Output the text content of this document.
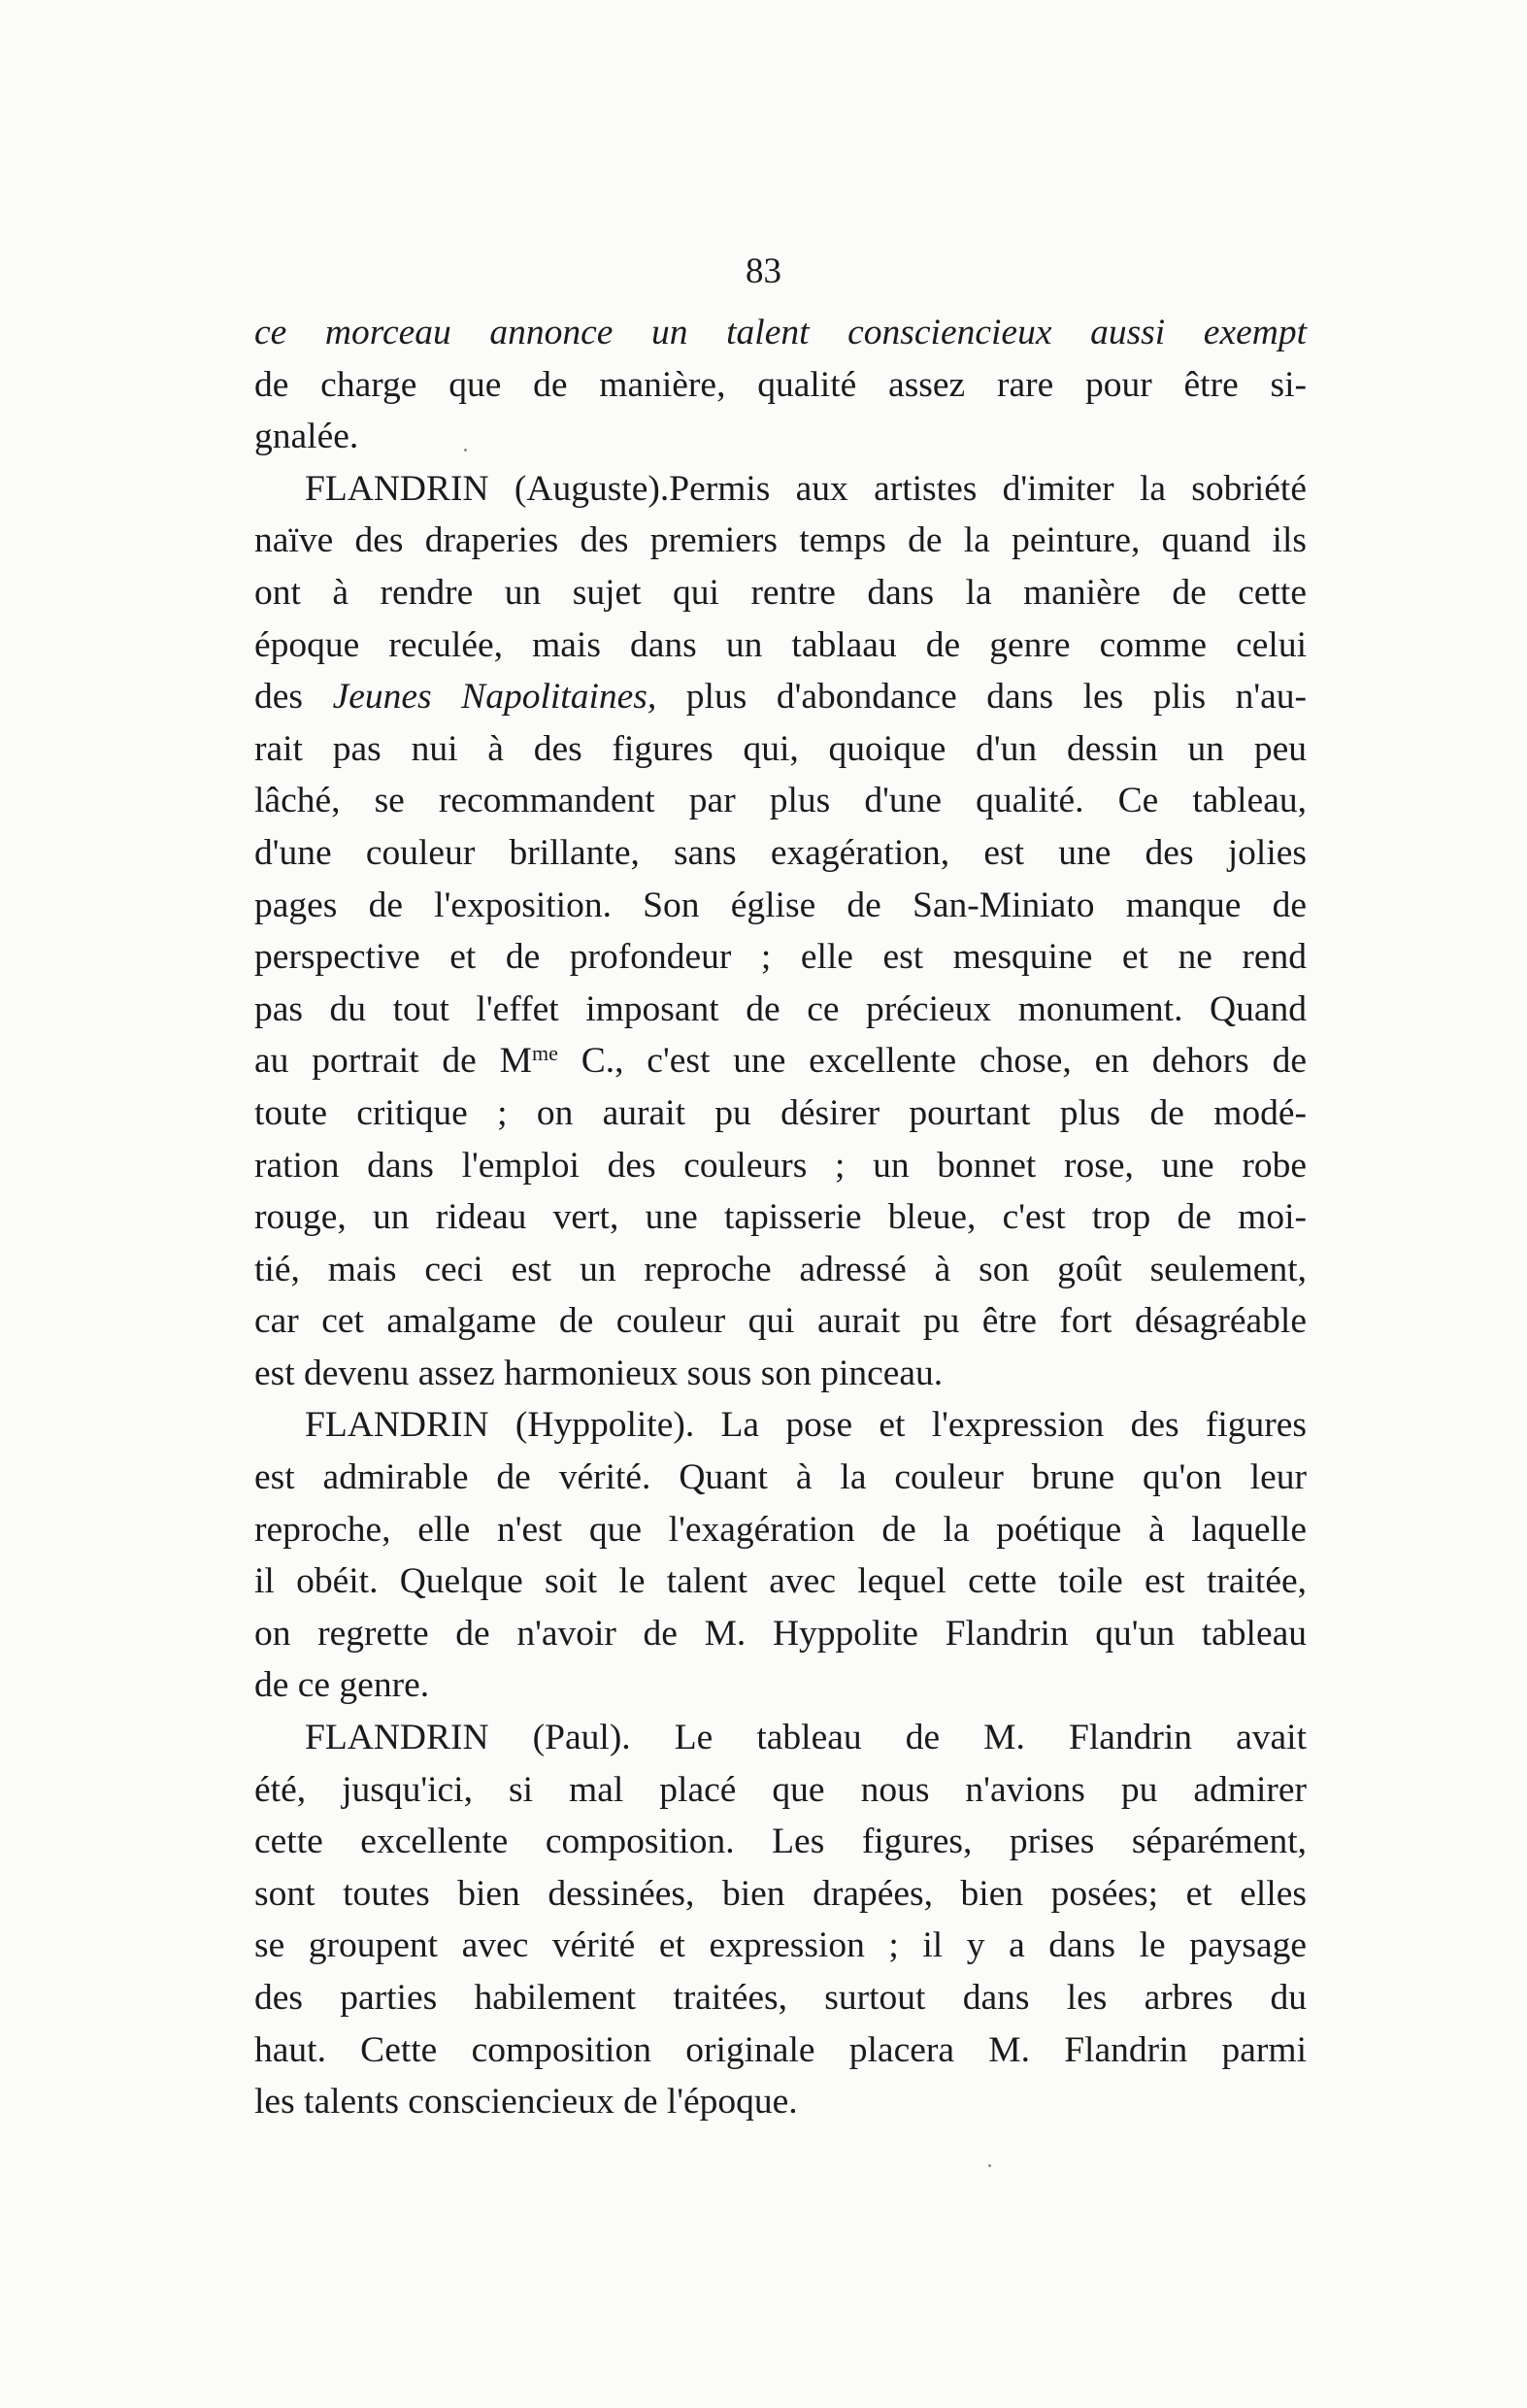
83
ce morceau annonce un talent consciencieux aussi exempt
de charge que de manière, qualité assez rare pour être si-
gnalée.
FLANDRIN (Auguste).Permis aux artistes d'imiter la sobriété
naïve des draperies des premiers temps de la peinture, quand ils
ont à rendre un sujet qui rentre dans la manière de cette
époque reculée, mais dans un tablaau de genre comme celui
des Jeunes Napolitaines, plus d'abondance dans les plis n'au-
rait pas nui à des figures qui, quoique d'un dessin un peu
lâché, se recommandent par plus d'une qualité. Ce tableau,
d'une couleur brillante, sans exagération, est une des jolies
pages de l'exposition. Son église de San-Miniato manque de
perspective et de profondeur ; elle est mesquine et ne rend
pas du tout l'effet imposant de ce précieux monument. Quand
au portrait de $M^{me}$ C., c'est une excellente chose, en dehors de
toute critique ; on aurait pu désirer pourtant plus de modé-
ration dans l'emploi des couleurs ; un bonnet rose, une robe
rouge, un rideau vert, une tapisserie bleue, c'est trop de moi-
tié, mais ceci est un reproche adressé à son goût seulement,
car cet amalgame de couleur qui aurait pu être fort désagréable
est devenu assez harmonieux sous son pinceau.
FLANDRIN (Hyppolite). La pose et l'expression des figures
est admirable de vérité. Quant à la couleur brune qu'on leur
reproche, elle n'est que l'exagération de la poétique à laquelle
il obéit. Quelque soit le talent avec lequel cette toile est traitée,
on regrette de n'avoir de M. Hyppolite Flandrin qu'un tableau
de ce genre.
FLANDRIN (Paul). Le tableau de M. Flandrin avait
été, jusqu'ici, si mal placé que nous n'avions pu admirer
cette excellente composition. Les figures, prises séparément,
sont toutes bien dessinées, bien drapées, bien posées; et elles
se groupent avec vérité et expression ; il y a dans le paysage
des parties habilement traitées, surtout dans les arbres du
haut. Cette composition originale placera M. Flandrin parmi
les talents consciencieux de l'époque.
